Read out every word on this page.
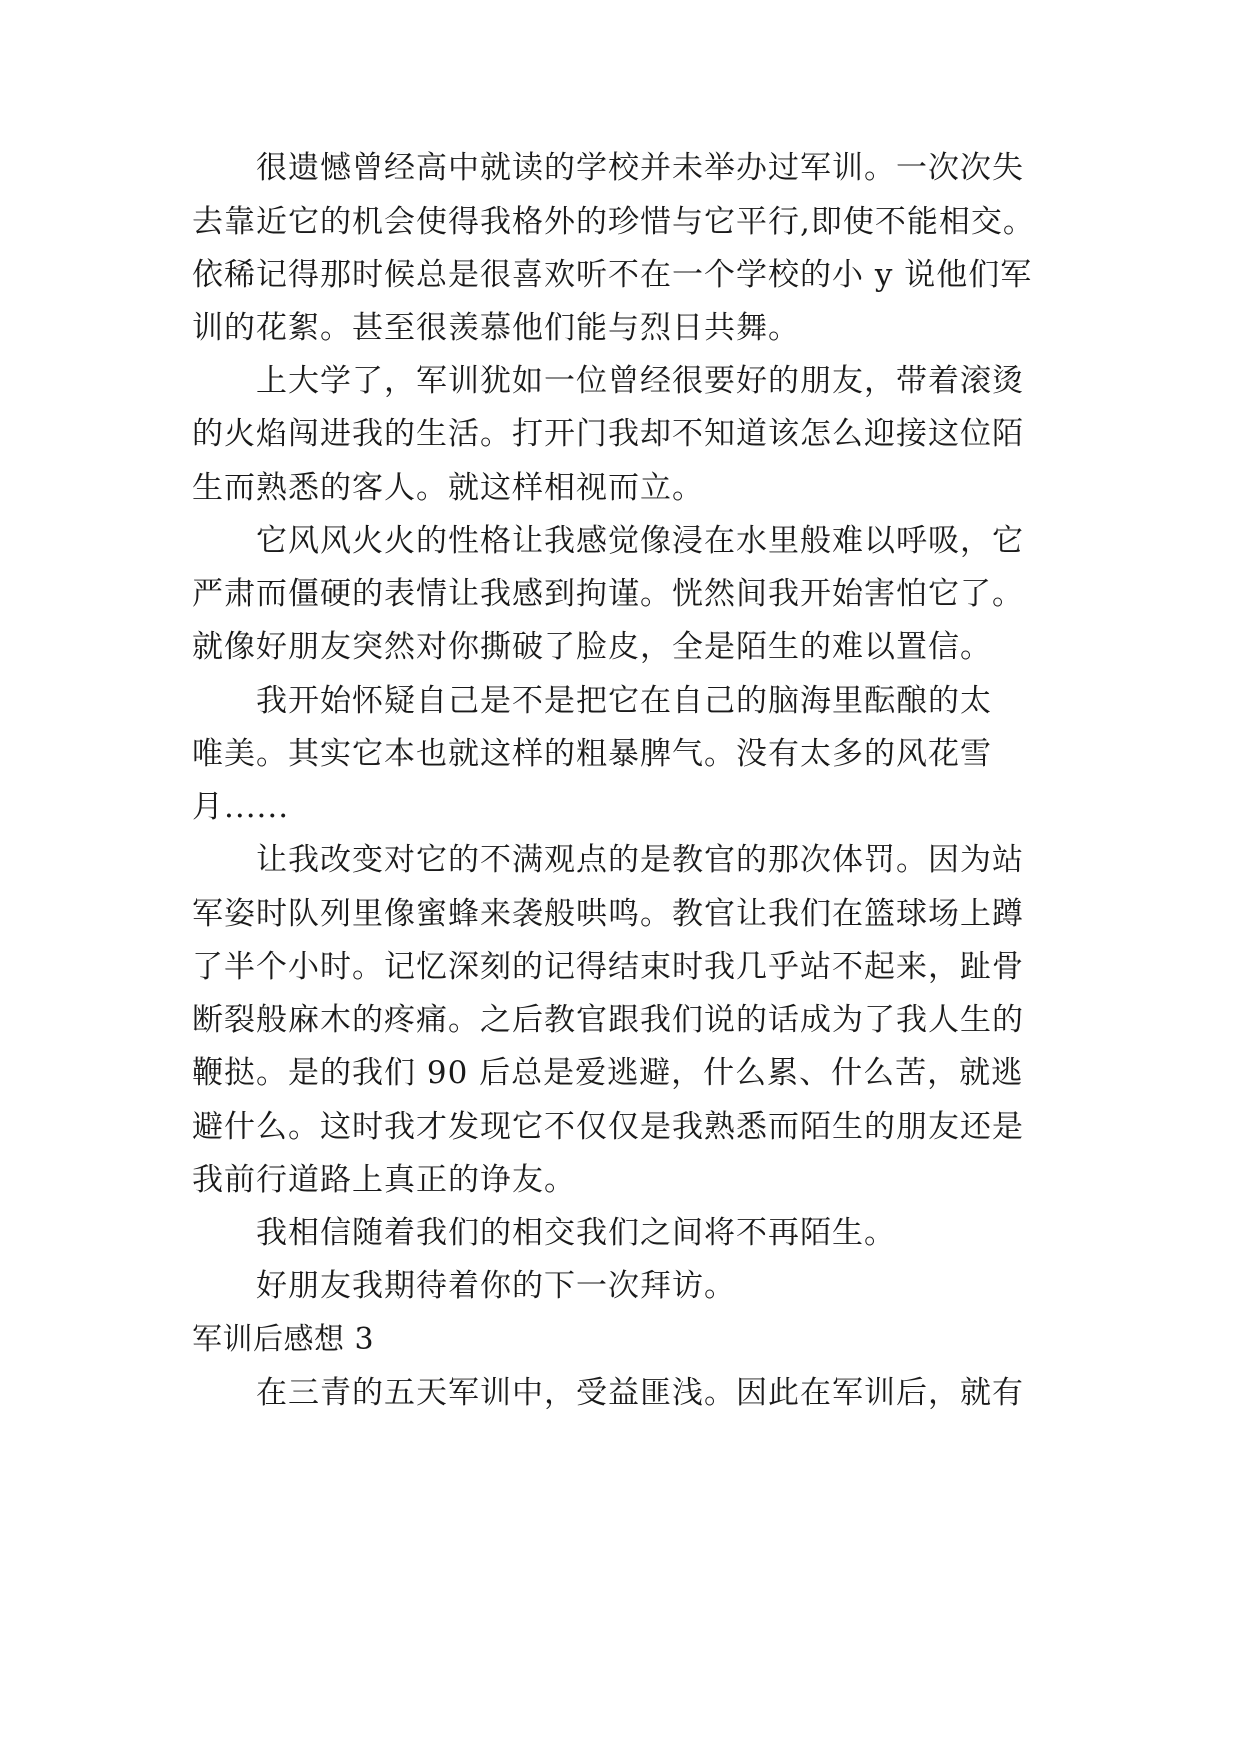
很遗憾曾经高中就读的学校并未举办过军训。一次次失
去靠近它的机会使得我格外的珍惜与它平行,即使不能相交。
依稀记得那时候总是很喜欢听不在一个学校的小 y 说他们军
训的花絮。甚至很羡慕他们能与烈日共舞。
上大学了，军训犹如一位曾经很要好的朋友，带着滚烫
的火焰闯进我的生活。打开门我却不知道该怎么迎接这位陌
生而熟悉的客人。就这样相视而立。
它风风火火的性格让我感觉像浸在水里般难以呼吸，它
严肃而僵硬的表情让我感到拘谨。恍然间我开始害怕它了。
就像好朋友突然对你撕破了脸皮，全是陌生的难以置信。
我开始怀疑自己是不是把它在自己的脑海里酝酿的太
唯美。其实它本也就这样的粗暴脾气。没有太多的风花雪
月......
让我改变对它的不满观点的是教官的那次体罚。因为站
军姿时队列里像蜜蜂来袭般哄鸣。教官让我们在篮球场上蹲
了半个小时。记忆深刻的记得结束时我几乎站不起来，趾骨
断裂般麻木的疼痛。之后教官跟我们说的话成为了我人生的
鞭挞。是的我们 90 后总是爱逃避，什么累、什么苦，就逃
避什么。这时我才发现它不仅仅是我熟悉而陌生的朋友还是
我前行道路上真正的诤友。
我相信随着我们的相交我们之间将不再陌生。
好朋友我期待着你的下一次拜访。
军训后感想 3
在三青的五天军训中，受益匪浅。因此在军训后，就有
